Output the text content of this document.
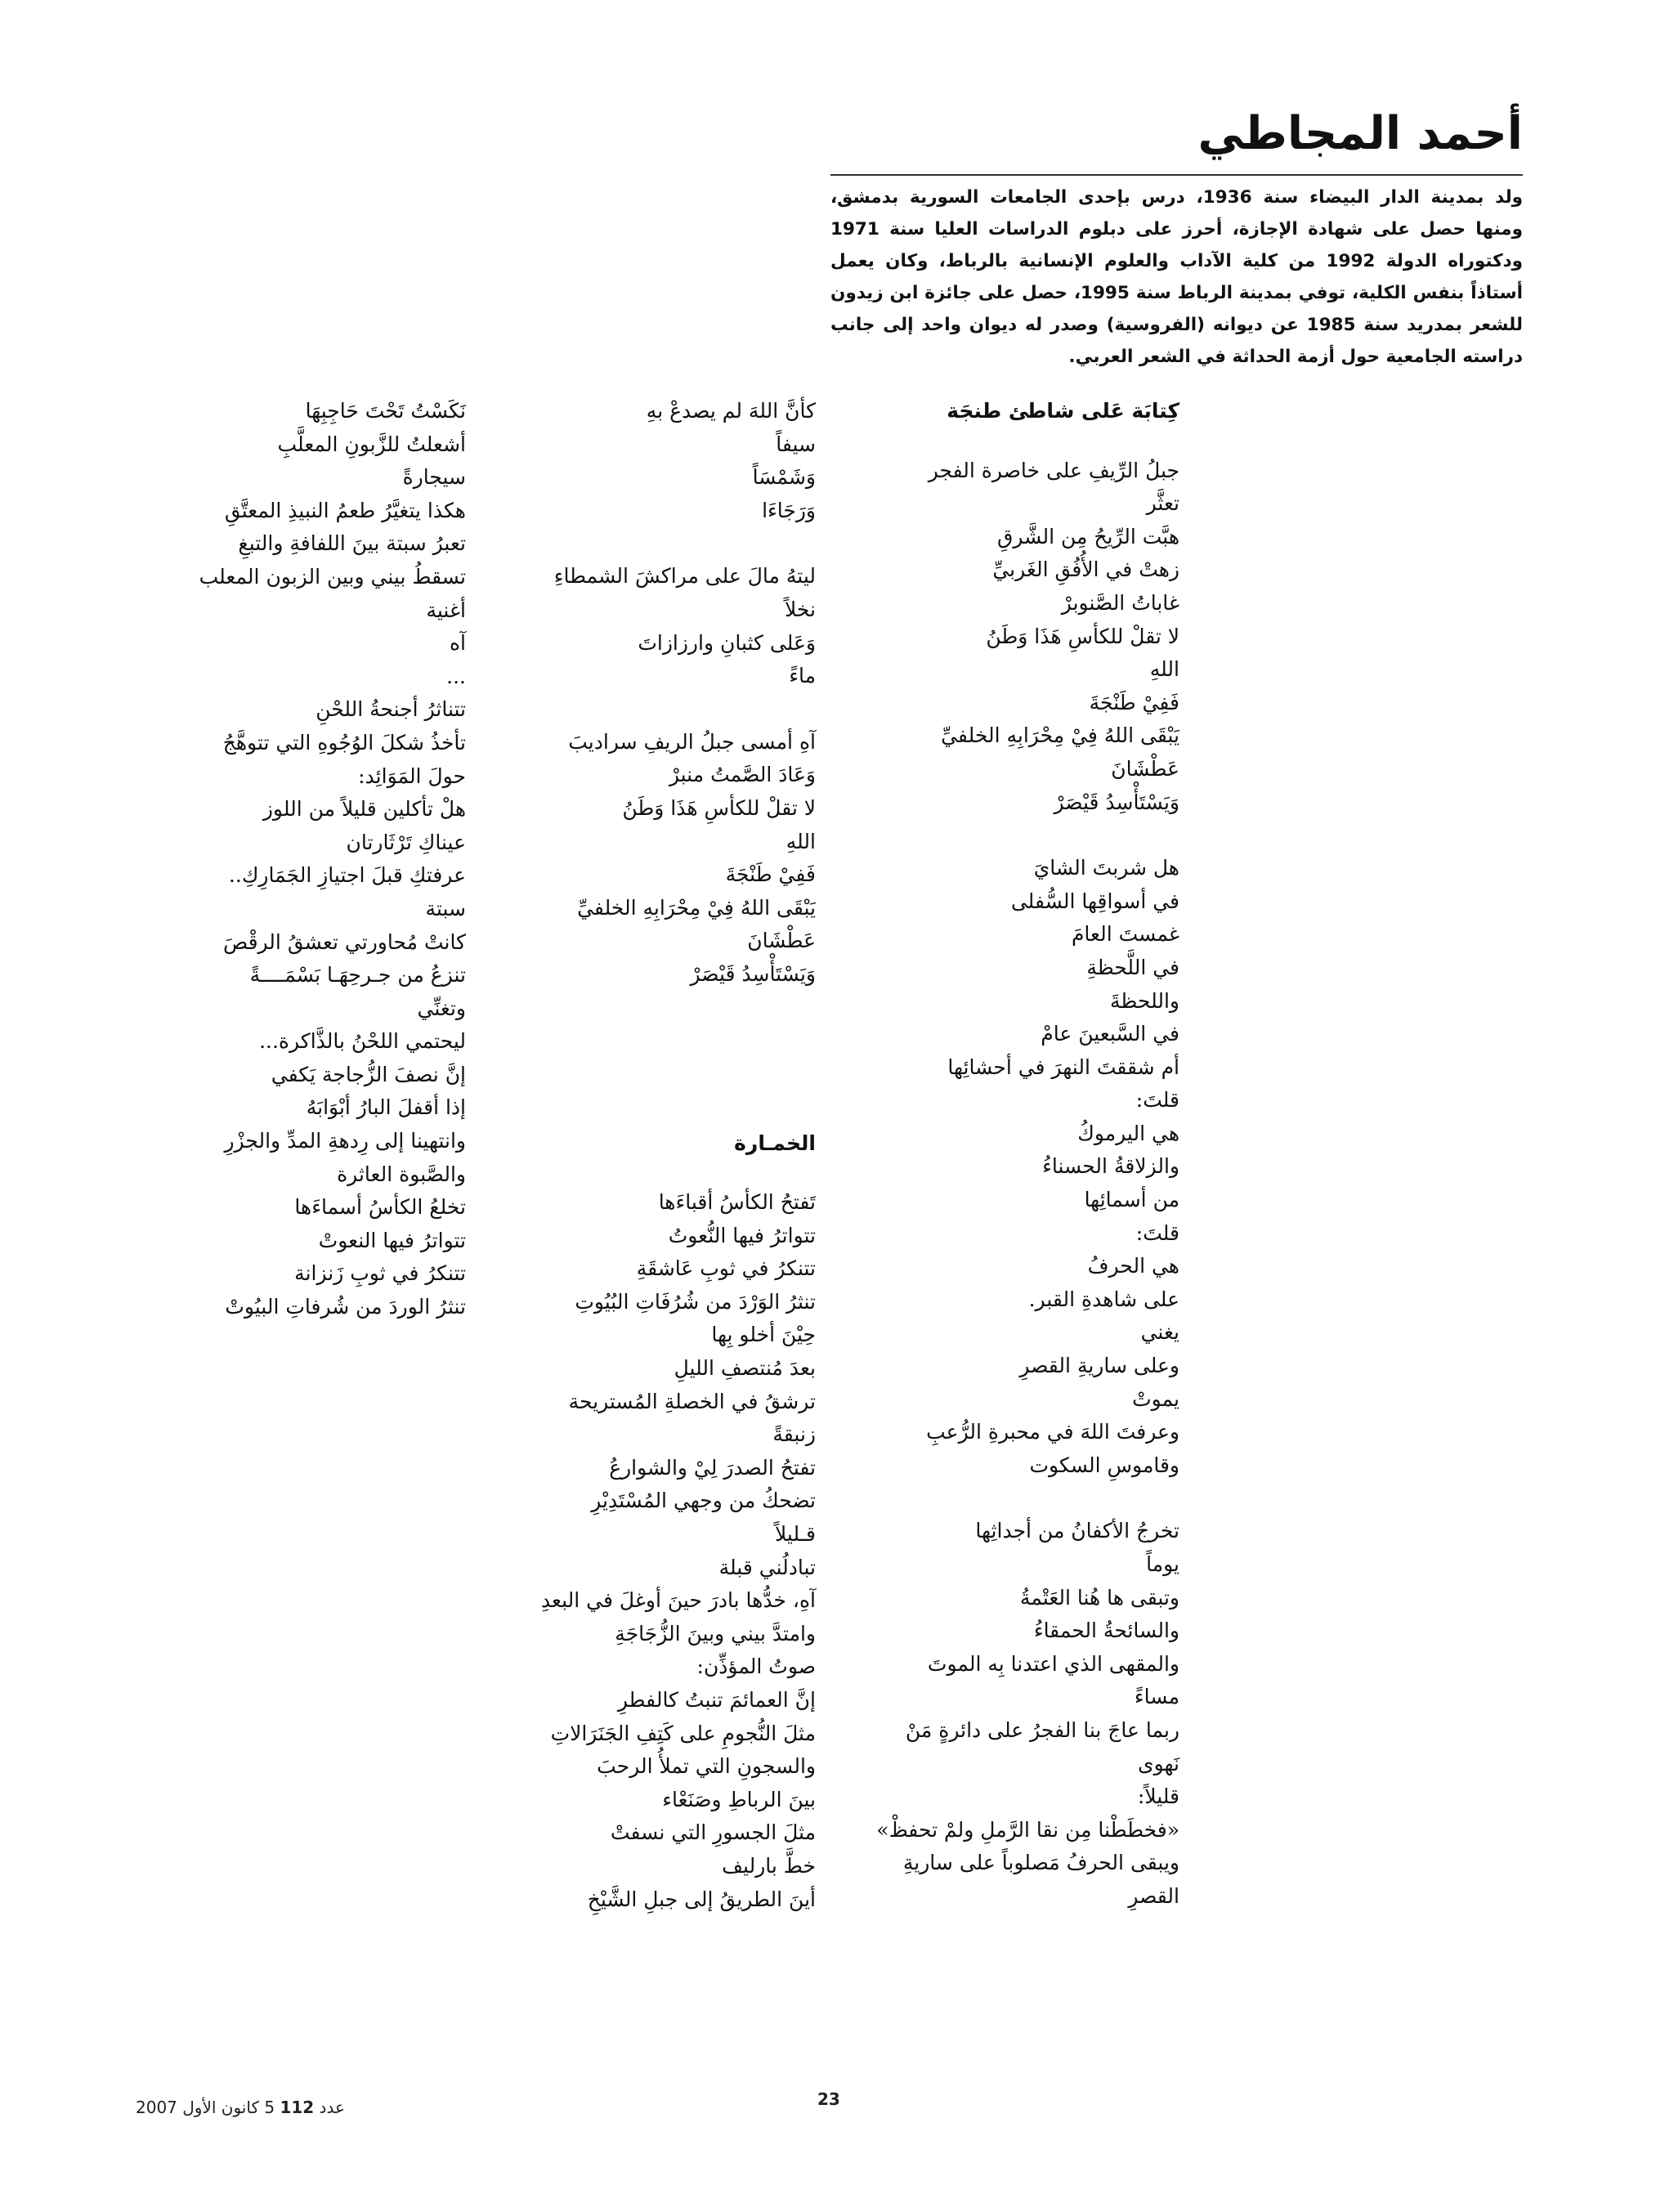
أحمد المجاطي

ولد بمدينة الدار البيضاء سنة 1936، درس بإحدى الجامعات السورية بدمشق، ومنها حصل على شهادة الإجازة، أحرز على دبلوم الدراسات العليا سنة 1971 ودكتوراه الدولة 1992 من كلية الآداب والعلوم الإنسانية بالرباط، وكان يعمل أستاذاً بنفس الكلية، توفي بمدينة الرباط سنة 1995، حصل على جائزة ابن زيدون للشعر بمدريد سنة 1985 عن ديوانه (الفروسية) وصدر له ديوان واحد إلى جانب دراسته الجامعية حول أزمة الحداثة في الشعر العربي.

كِتابَة عَلى شاطئ طنجَة
جبلُ الرِّيفِ على خاصرة الفجر
تعثَّر
هبَّت الرِّيحُ مِن الشَّرقِ
زهتْ في الأُفُقِ الغَربيِّ
غاباتُ الصَّنوبرْ
لا تقلْ للكأسِ هَذَا وَطَنُ
اللهِ
فَفِيْ طَنْجَةَ
يَبْقَى اللهُ فِيْ مِحْرَابِهِ الخلفيِّ
عَطْشَانَ
وَيَسْتَأْسِدُ قَيْصَرْ
هل شربتَ الشايَ
في أسواقِها السُّفلى
غمستَ العامَ
في اللَّحظةِ
واللحظةَ
في السَّبعينَ عامْ
أم شققتَ النهرَ في أحشائِها
قلتَ:
هي اليرموكُ
والزلاقةُ الحسناءُ
من أسمائِها
قلتَ:
هي الحرفُ
على شاهدةِ القبر.
يغني
وعلى ساريةِ القصرِ
يموتْ
وعرفتَ اللهَ في محبرةِ الرُّعبِ
وقاموسِ السكوت
تخرجُ الأكفانُ من أجداثِها
يوماً
وتبقى ها هُنا العَتْمةُ
والسائحةُ الحمقاءُ
والمقهى الذي اعتدنا بِه الموتَ
مساءً
ربما عاجَ بنا الفجرُ على دائرةٍ مَنْ
نَهوى
قليلاً:
«فخطَطْنا مِن نقا الرَّملِ ولمْ تحفظْ»
ويبقى الحرفُ مَصلوباً على ساريةِ
القصرِ
كأنَّ اللهَ لم يصدعْ بهِ
سيفاً
وَشَمْسَاً
وَرَجَاءَا
ليتهُ مالَ على مراكشَ الشمطاءِ
نخلاً
وَعَلى كثبانِ وارزازاتَ
ماءً
آهِ أمسى جبلُ الريفِ سراديبَ
وَعَادَ الصَّمتُ منبرْ
لا تقلْ للكأسِ هَذَا وَطَنُ
اللهِ
فَفِيْ طَنْجَةَ
يَبْقَى اللهُ فِيْ مِحْرَابِهِ الخلفيِّ
عَطْشَانَ
وَيَسْتَأْسِدُ قَيْصَرْ
الخمـارة
تَفتحُ الكأسُ أقباءَها
تتواترُ فيها النُّعوتُ
تتنكرُ في ثوبِ عَاشقَةِ
تنثرُ الوَرْدَ من شُرُفَاتِ البُيُوتِ
حِيْنَ أخلو بِها
بعدَ مُنتصفِ الليلِ
ترشقُ في الخصلةِ المُستريحة
زنبقةً
تفتحُ الصدرَ لِيْ والشوارعُ
تضحكُ من وجهي المُسْتَدِيْرِ
قـليلاً
تبادلُني قبلة
آهِ، خدُّها بادرَ حينَ أوغلَ في البعدِ
وامتدَّ بيني وبينَ الزُّجَاجَةِ
صوتُ المؤذِّن:
إنَّ العمائمَ تنبتُ كالفطرِ
مثلَ النُّجومِ على كَتِفِ الجَنَرَالاتِ
والسجونِ التي تملأُ الرحبَ
بينَ الرباطِ وصَنَعْاء
مثلَ الجسورِ التي نسفتْ
خطَّ بارليف
أينَ الطريقُ إلى جبلِ الشَّيْخِ
نَكَسْتُ تَحْتَ حَاجِبِهَا
أشعلتُ للزَّبونِ المعلَّبِ
سيجارةً
هكذا يتغيَّرُ طعمُ النبيذِ المعتَّقِ
تعبرُ سبتة بينَ اللفافةِ والتبغِ
تسقطُ بيني وبين الزبون المعلب
أغنية
آه
...
تتناثرُ أجنحةُ اللحْنِ
تأخذُ شكلَ الوُجُوهِ التي تتوهَّجُ
حولَ المَوَائِد:
هلْ تأكلين قليلاً من اللوز
عيناكِ تَرْثَارتان
عرفتكِ قبلَ اجتيازِ الجَمَارِكِ..
سبتة
كانتْ مُحاورتي تعشقُ الرقْصَ
تنزعُ من جـرحِهَـا بَسْمَــــةً
وتغنِّي
ليحتمي اللحْنُ بالذَّاكرة...
إنَّ نصفَ الزُّجاجة يَكفي
إذا أقفلَ البارُ أبْوَابَهُ
وانتهينا إلى رِدهةِ المدِّ والجزْرِ
والصَّبوة العاثرة
تخلعُ الكأسُ أسماءَها
تتواترُ فيها النعوتْ
تتنكرُ في ثوبِ زَنزانة
تنثرُ الوردَ من شُرفاتِ البيُوتْ
23
عدد 112 5 كانون الأول 2007
